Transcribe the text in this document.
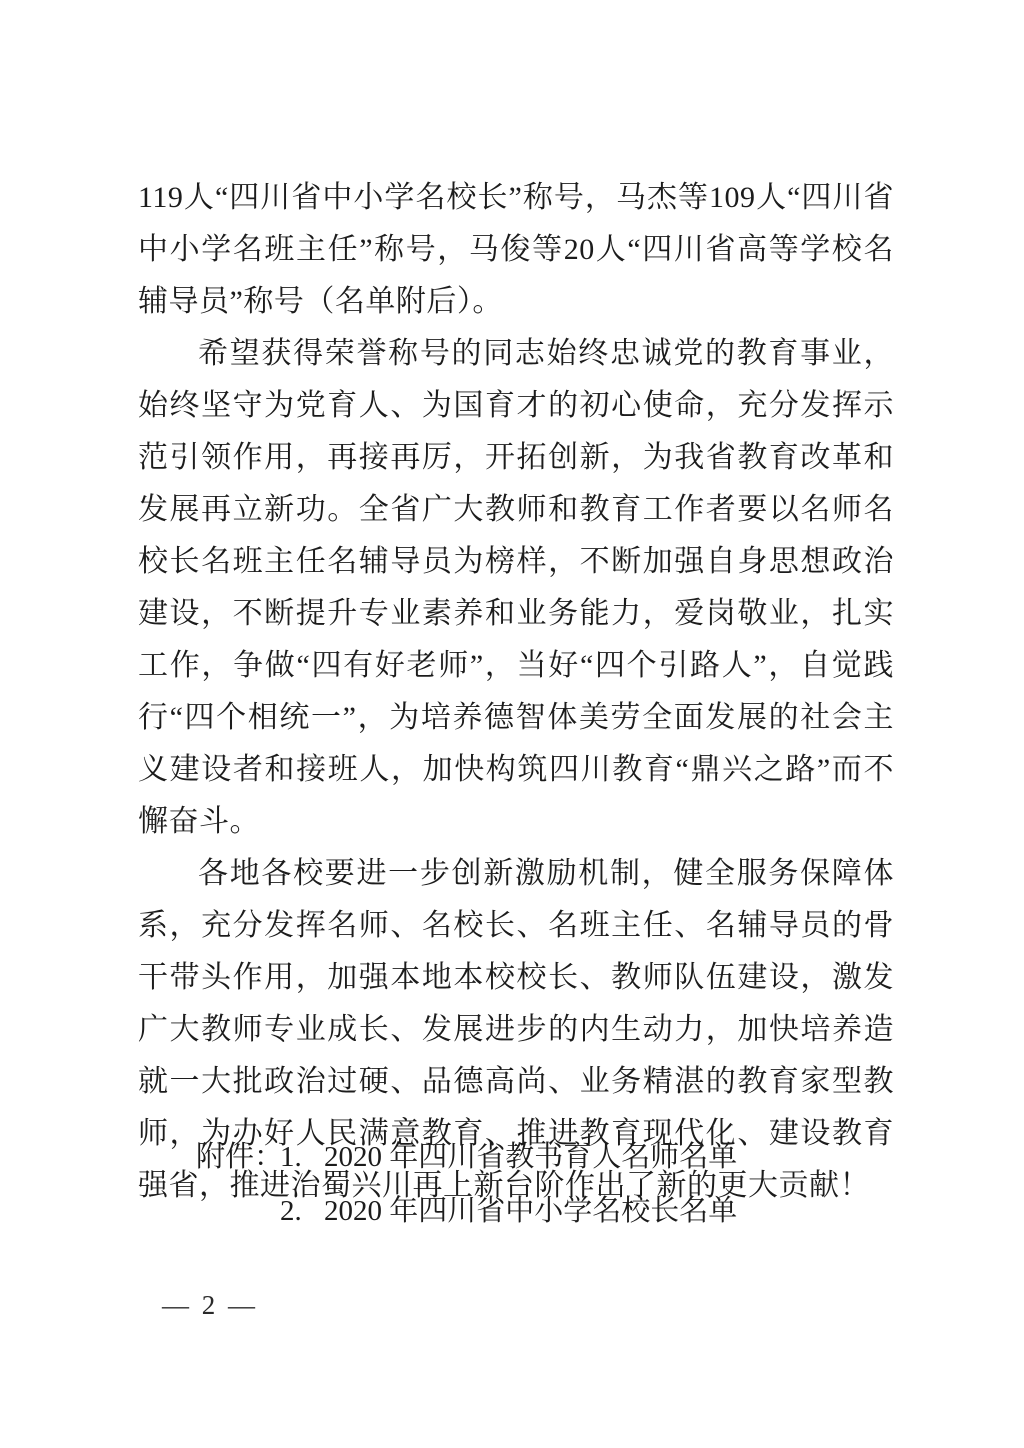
119人“四川省中小学名校长”称号，马杰等109人“四川省中小学名班主任”称号，马俊等20人“四川省高等学校名辅导员”称号（名单附后）。

希望获得荣誉称号的同志始终忠诚党的教育事业，始终坚守为党育人、为国育才的初心使命，充分发挥示范引领作用，再接再厉，开拓创新，为我省教育改革和发展再立新功。全省广大教师和教育工作者要以名师名校长名班主任名辅导员为榜样，不断加强自身思想政治建设，不断提升专业素养和业务能力，爱岗敬业，扎实工作，争做“四有好老师”，当好“四个引路人”，自觉践行“四个相统一”，为培养德智体美劳全面发展的社会主义建设者和接班人，加快构筑四川教育“鼎兴之路”而不懈奋斗。

各地各校要进一步创新激励机制，健全服务保障体系，充分发挥名师、名校长、名班主任、名辅导员的骨干带头作用，加强本地本校校长、教师队伍建设，激发广大教师专业成长、发展进步的内生动力，加快培养造就一大批政治过硬、品德高尚、业务精湛的教育家型教师，为办好人民满意教育、推进教育现代化、建设教育强省，推进治蜀兴川再上新台阶作出了新的更大贡献！

附件：
1. 2020 年四川省教书育人名师名单
2. 2020 年四川省中小学名校长名单
— 2 —
